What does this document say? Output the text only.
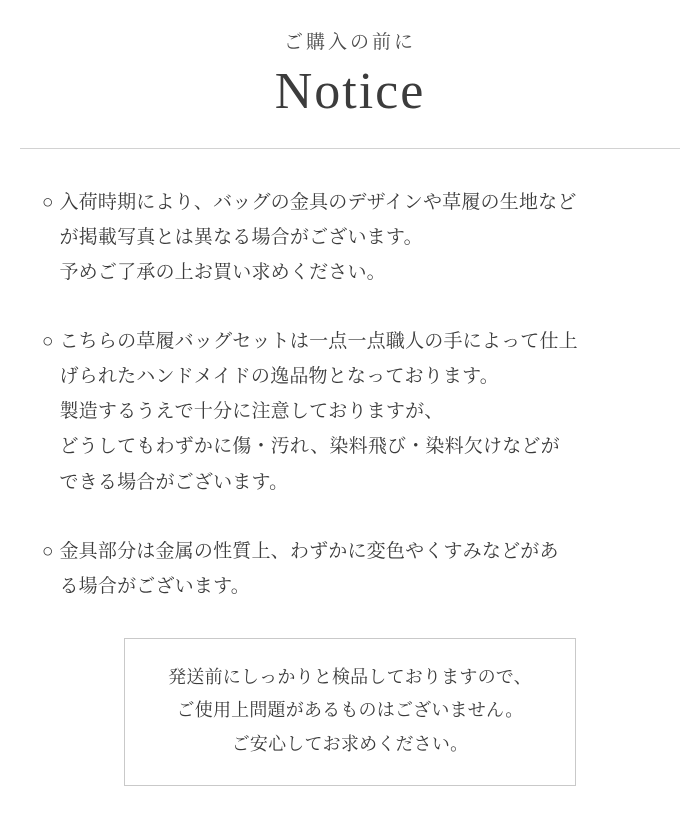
ご購入の前に
Notice
○ 入荷時期により、バッグの金具のデザインや草履の生地など
が掲載写真とは異なる場合がございます。
予めご了承の上お買い求めください。
○ こちらの草履バッグセットは一点一点職人の手によって仕上
げられたハンドメイドの逸品物となっております。
製造するうえで十分に注意しておりますが、
どうしてもわずかに傷・汚れ、染料飛び・染料欠けなどが
できる場合がございます。
○ 金具部分は金属の性質上、わずかに変色やくすみなどがあ
る場合がございます。
発送前にしっかりと検品しておりますので、
ご使用上問題があるものはございません。
ご安心してお求めください。
